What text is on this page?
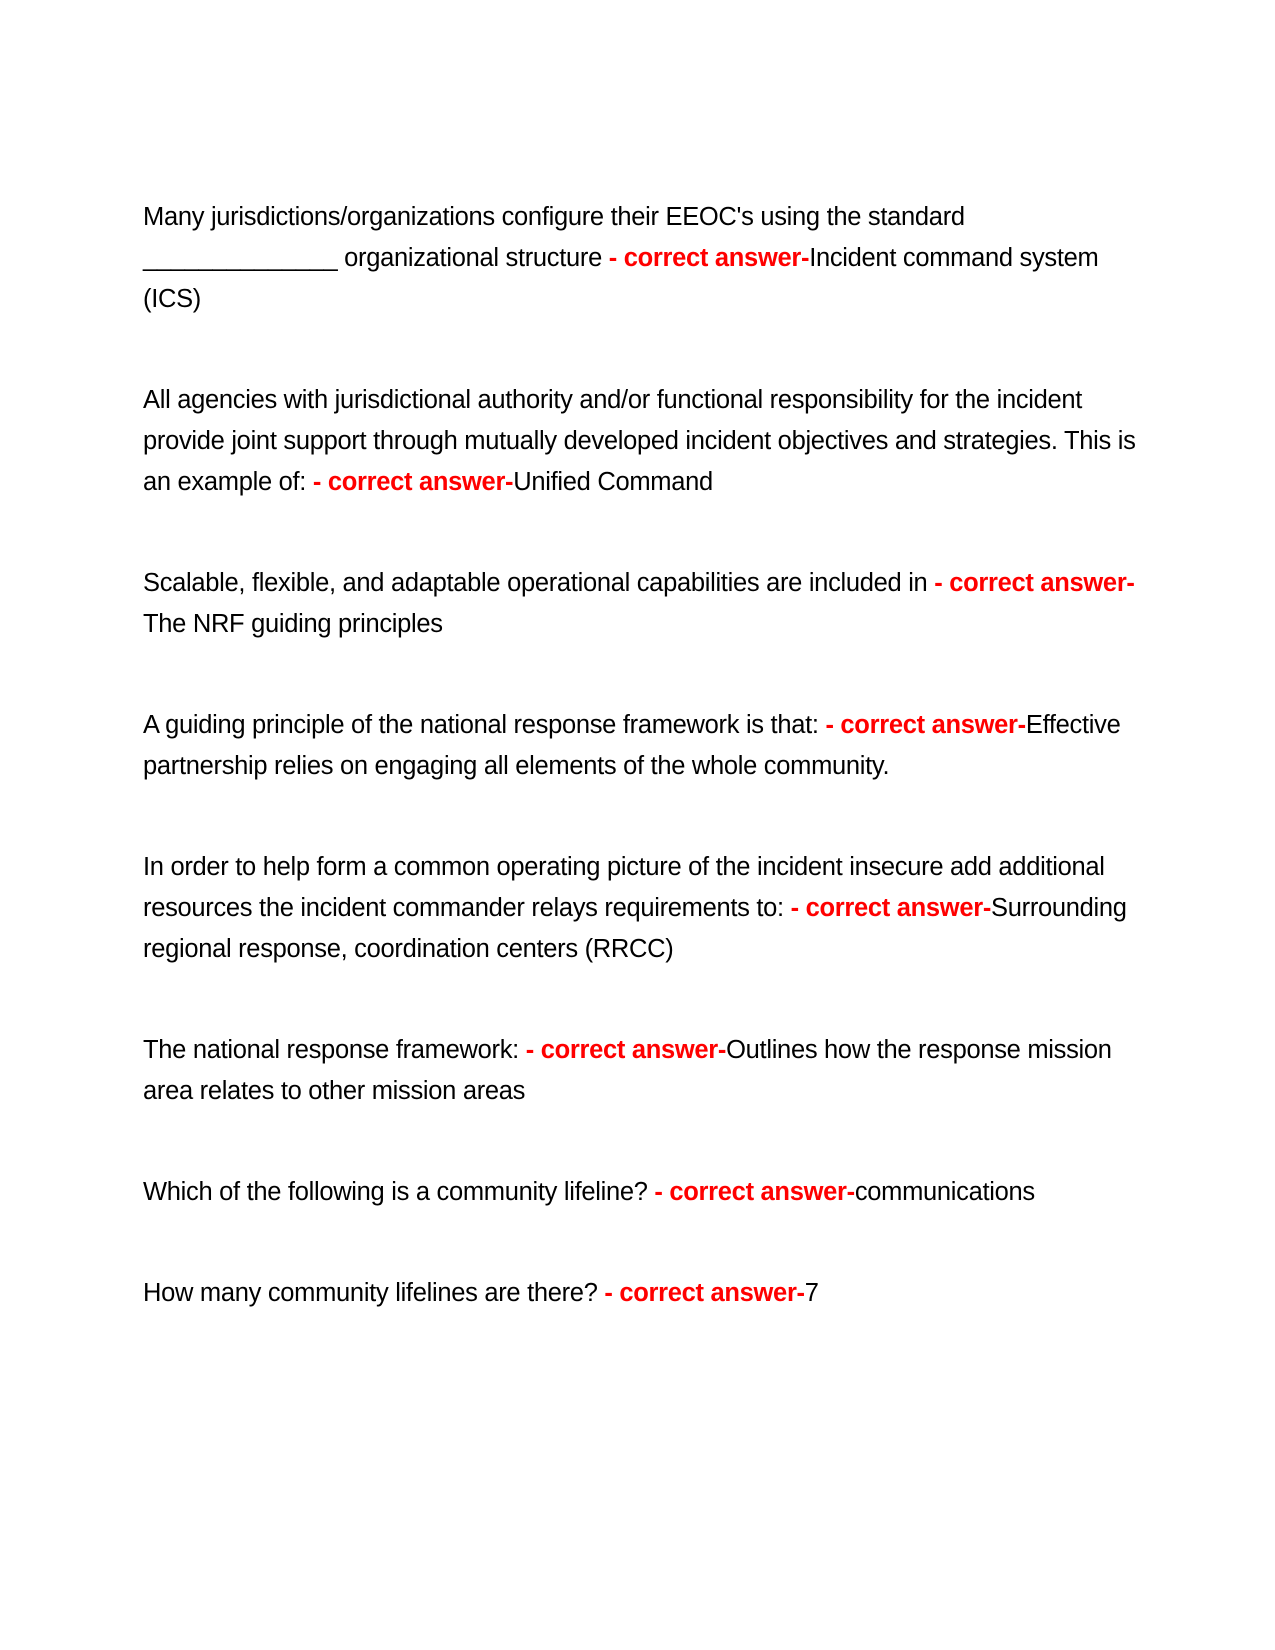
Many jurisdictions/organizations configure their EEOC's using the standard ______________ organizational structure - correct answer-Incident command system (ICS)

All agencies with jurisdictional authority and/or functional responsibility for the incident provide joint support through mutually developed incident objectives and strategies. This is an example of: - correct answer-Unified Command

Scalable, flexible, and adaptable operational capabilities are included in - correct answer-The NRF guiding principles

A guiding principle of the national response framework is that: - correct answer-Effective partnership relies on engaging all elements of the whole community.

In order to help form a common operating picture of the incident insecure add additional resources the incident commander relays requirements to: - correct answer-Surrounding regional response, coordination centers (RRCC)

The national response framework: - correct answer-Outlines how the response mission area relates to other mission areas

Which of the following is a community lifeline? - correct answer-communications

How many community lifelines are there? - correct answer-7
